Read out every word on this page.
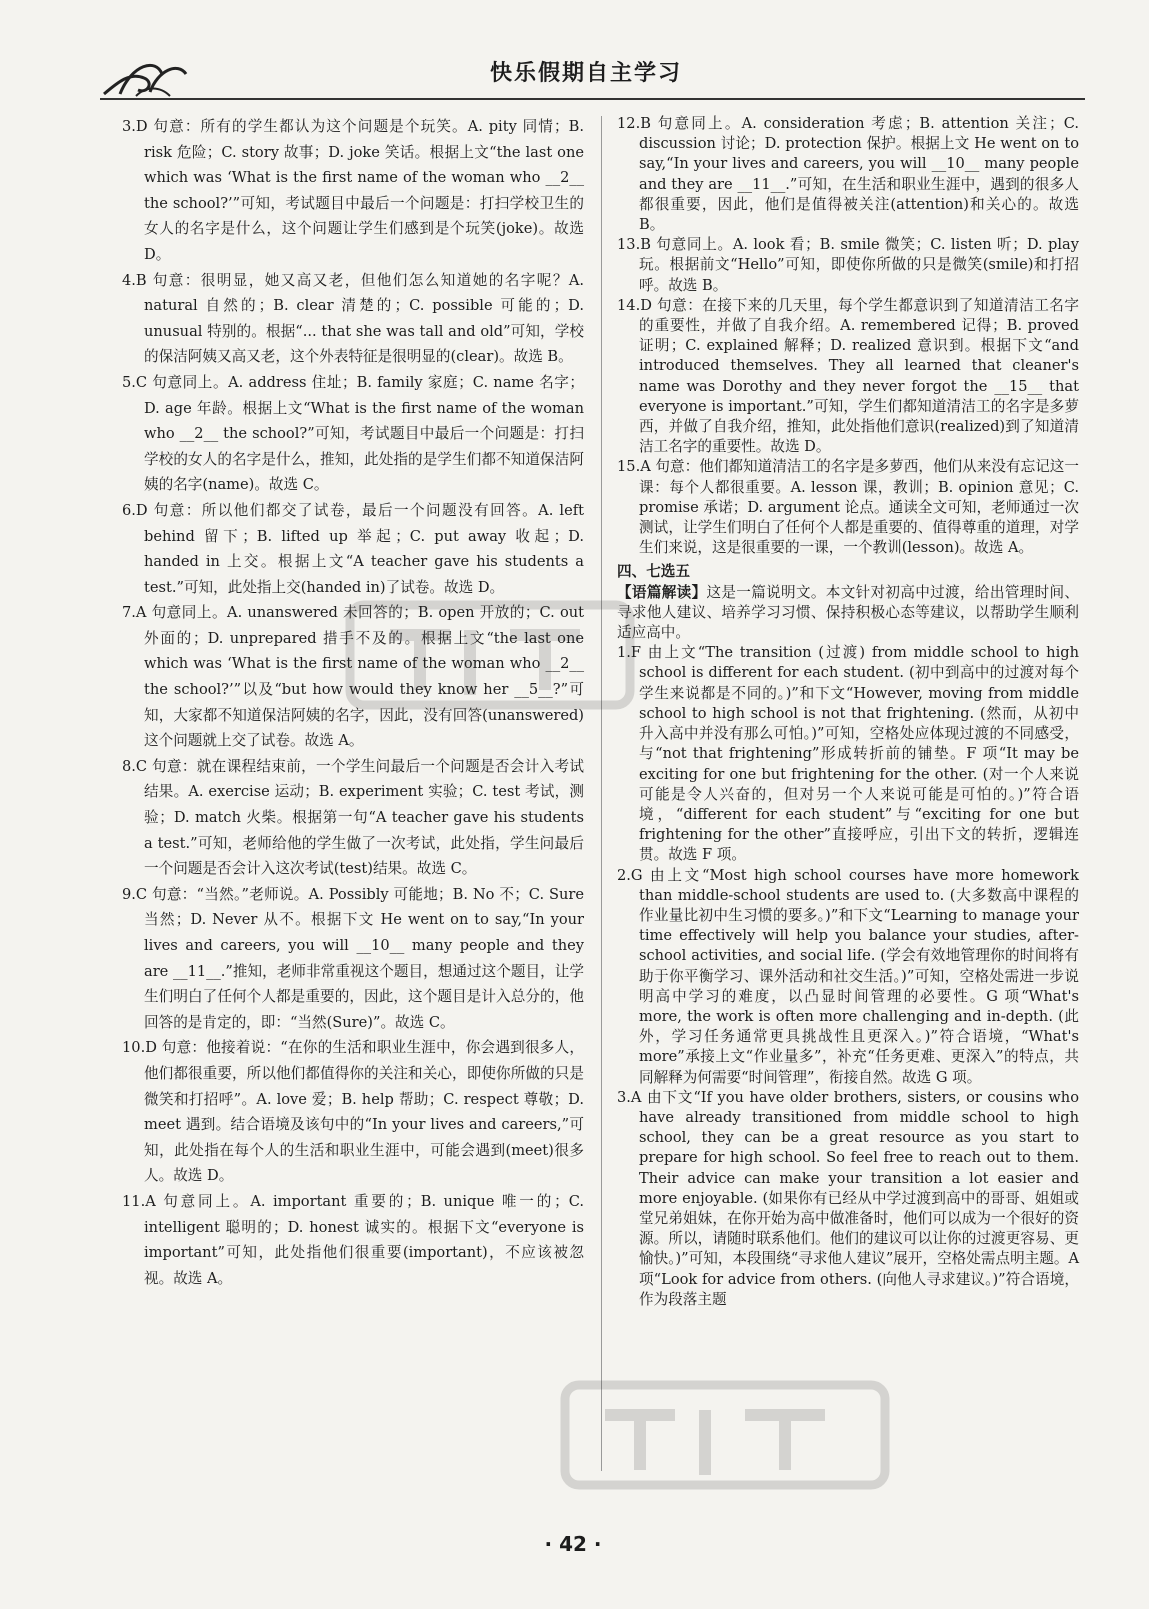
快乐假期自主学习

3.D 句意：所有的学生都认为这个问题是个玩笑。A. pity 同情；B. risk 危险；C. story 故事；D. joke 笑话。根据上文“the last one which was ‘What is the first name of the woman who __2__ the school?’”可知，考试题目中最后一个问题是：打扫学校卫生的女人的名字是什么，这个问题让学生们感到是个玩笑(joke)。故选 D。

4.B 句意：很明显，她又高又老，但他们怎么知道她的名字呢？A. natural 自然的；B. clear 清楚的；C. possible 可能的；D. unusual 特别的。根据“... that she was tall and old”可知，学校的保洁阿姨又高又老，这个外表特征是很明显的(clear)。故选 B。

5.C 句意同上。A. address 住址；B. family 家庭；C. name 名字；D. age 年龄。根据上文“What is the first name of the woman who __2__ the school?”可知，考试题目中最后一个问题是：打扫学校的女人的名字是什么，推知，此处指的是学生们都不知道保洁阿姨的名字(name)。故选 C。

6.D 句意：所以他们都交了试卷，最后一个问题没有回答。A. left behind 留下；B. lifted up 举起；C. put away 收起；D. handed in 上交。根据上文“A teacher gave his students a test.”可知，此处指上交(handed in)了试卷。故选 D。

7.A 句意同上。A. unanswered 未回答的；B. open 开放的；C. out 外面的；D. unprepared 措手不及的。根据上文“the last one which was ‘What is the first name of the woman who __2__ the school?’”以及“but how would they know her __5__?”可知，大家都不知道保洁阿姨的名字，因此，没有回答(unanswered)这个问题就上交了试卷。故选 A。

8.C 句意：就在课程结束前，一个学生问最后一个问题是否会计入考试结果。A. exercise 运动；B. experiment 实验；C. test 考试，测验；D. match 火柴。根据第一句“A teacher gave his students a test.”可知，老师给他的学生做了一次考试，此处指，学生问最后一个问题是否会计入这次考试(test)结果。故选 C。

9.C 句意：“当然。”老师说。A. Possibly 可能地；B. No 不；C. Sure 当然；D. Never 从不。根据下文 He went on to say,“In your lives and careers, you will __10__ many people and they are __11__.”推知，老师非常重视这个题目，想通过这个题目，让学生们明白了任何个人都是重要的，因此，这个题目是计入总分的，他回答的是肯定的，即：“当然(Sure)”。故选 C。

10.D 句意：他接着说：“在你的生活和职业生涯中，你会遇到很多人，他们都很重要，所以他们都值得你的关注和关心，即使你所做的只是微笑和打招呼”。A. love 爱；B. help 帮助；C. respect 尊敬；D. meet 遇到。结合语境及该句中的“In your lives and careers,”可知，此处指在每个人的生活和职业生涯中，可能会遇到(meet)很多人。故选 D。

11.A 句意同上。A. important 重要的；B. unique 唯一的；C. intelligent 聪明的；D. honest 诚实的。根据下文“everyone is important”可知，此处指他们很重要(important)，不应该被忽视。故选 A。

12.B 句意同上。A. consideration 考虑；B. attention 关注；C. discussion 讨论；D. protection 保护。根据上文 He went on to say,“In your lives and careers, you will __10__ many people and they are __11__.”可知，在生活和职业生涯中，遇到的很多人都很重要，因此，他们是值得被关注(attention)和关心的。故选 B。

13.B 句意同上。A. look 看；B. smile 微笑；C. listen 听；D. play 玩。根据前文“Hello”可知，即使你所做的只是微笑(smile)和打招呼。故选 B。

14.D 句意：在接下来的几天里，每个学生都意识到了知道清洁工名字的重要性，并做了自我介绍。A. remembered 记得；B. proved 证明；C. explained 解释；D. realized 意识到。根据下文“and introduced themselves. They all learned that cleaner's name was Dorothy and they never forgot the __15__ that everyone is important.”可知，学生们都知道清洁工的名字是多萝西，并做了自我介绍，推知，此处指他们意识(realized)到了知道清洁工名字的重要性。故选 D。

15.A 句意：他们都知道清洁工的名字是多萝西，他们从来没有忘记这一课：每个人都很重要。A. lesson 课，教训；B. opinion 意见；C. promise 承诺；D. argument 论点。通读全文可知，老师通过一次测试，让学生们明白了任何个人都是重要的、值得尊重的道理，对学生们来说，这是很重要的一课，一个教训(lesson)。故选 A。

四、七选五

【语篇解读】这是一篇说明文。本文针对初高中过渡，给出管理时间、寻求他人建议、培养学习习惯、保持积极心态等建议，以帮助学生顺利适应高中。

1.F 由上文“The transition (过渡) from middle school to high school is different for each student. (初中到高中的过渡对每个学生来说都是不同的。)”和下文“However, moving from middle school to high school is not that frightening. (然而，从初中升入高中并没有那么可怕。)”可知，空格处应体现过渡的不同感受，与“not that frightening”形成转折前的铺垫。F 项“It may be exciting for one but frightening for the other. (对一个人来说可能是令人兴奋的，但对另一个人来说可能是可怕的。)”符合语境，“different for each student”与“exciting for one but frightening for the other”直接呼应，引出下文的转折，逻辑连贯。故选 F 项。

2.G 由上文“Most high school courses have more homework than middle-school students are used to. (大多数高中课程的作业量比初中生习惯的要多。)”和下文“Learning to manage your time effectively will help you balance your studies, after-school activities, and social life. (学会有效地管理你的时间将有助于你平衡学习、课外活动和社交生活。)”可知，空格处需进一步说明高中学习的难度，以凸显时间管理的必要性。G 项“What's more, the work is often more challenging and in-depth. (此外，学习任务通常更具挑战性且更深入。)”符合语境，“What's more”承接上文“作业量多”，补充“任务更难、更深入”的特点，共同解释为何需要“时间管理”，衔接自然。故选 G 项。

3.A 由下文“If you have older brothers, sisters, or cousins who have already transitioned from middle school to high school, they can be a great resource as you start to prepare for high school. So feel free to reach out to them. Their advice can make your transition a lot easier and more enjoyable. (如果你有已经从中学过渡到高中的哥哥、姐姐或堂兄弟姐妹，在你开始为高中做准备时，他们可以成为一个很好的资源。所以，请随时联系他们。他们的建议可以让你的过渡更容易、更愉快。)”可知，本段围绕“寻求他人建议”展开，空格处需点明主题。A 项“Look for advice from others. (向他人寻求建议。)”符合语境，作为段落主题

· 42 ·
